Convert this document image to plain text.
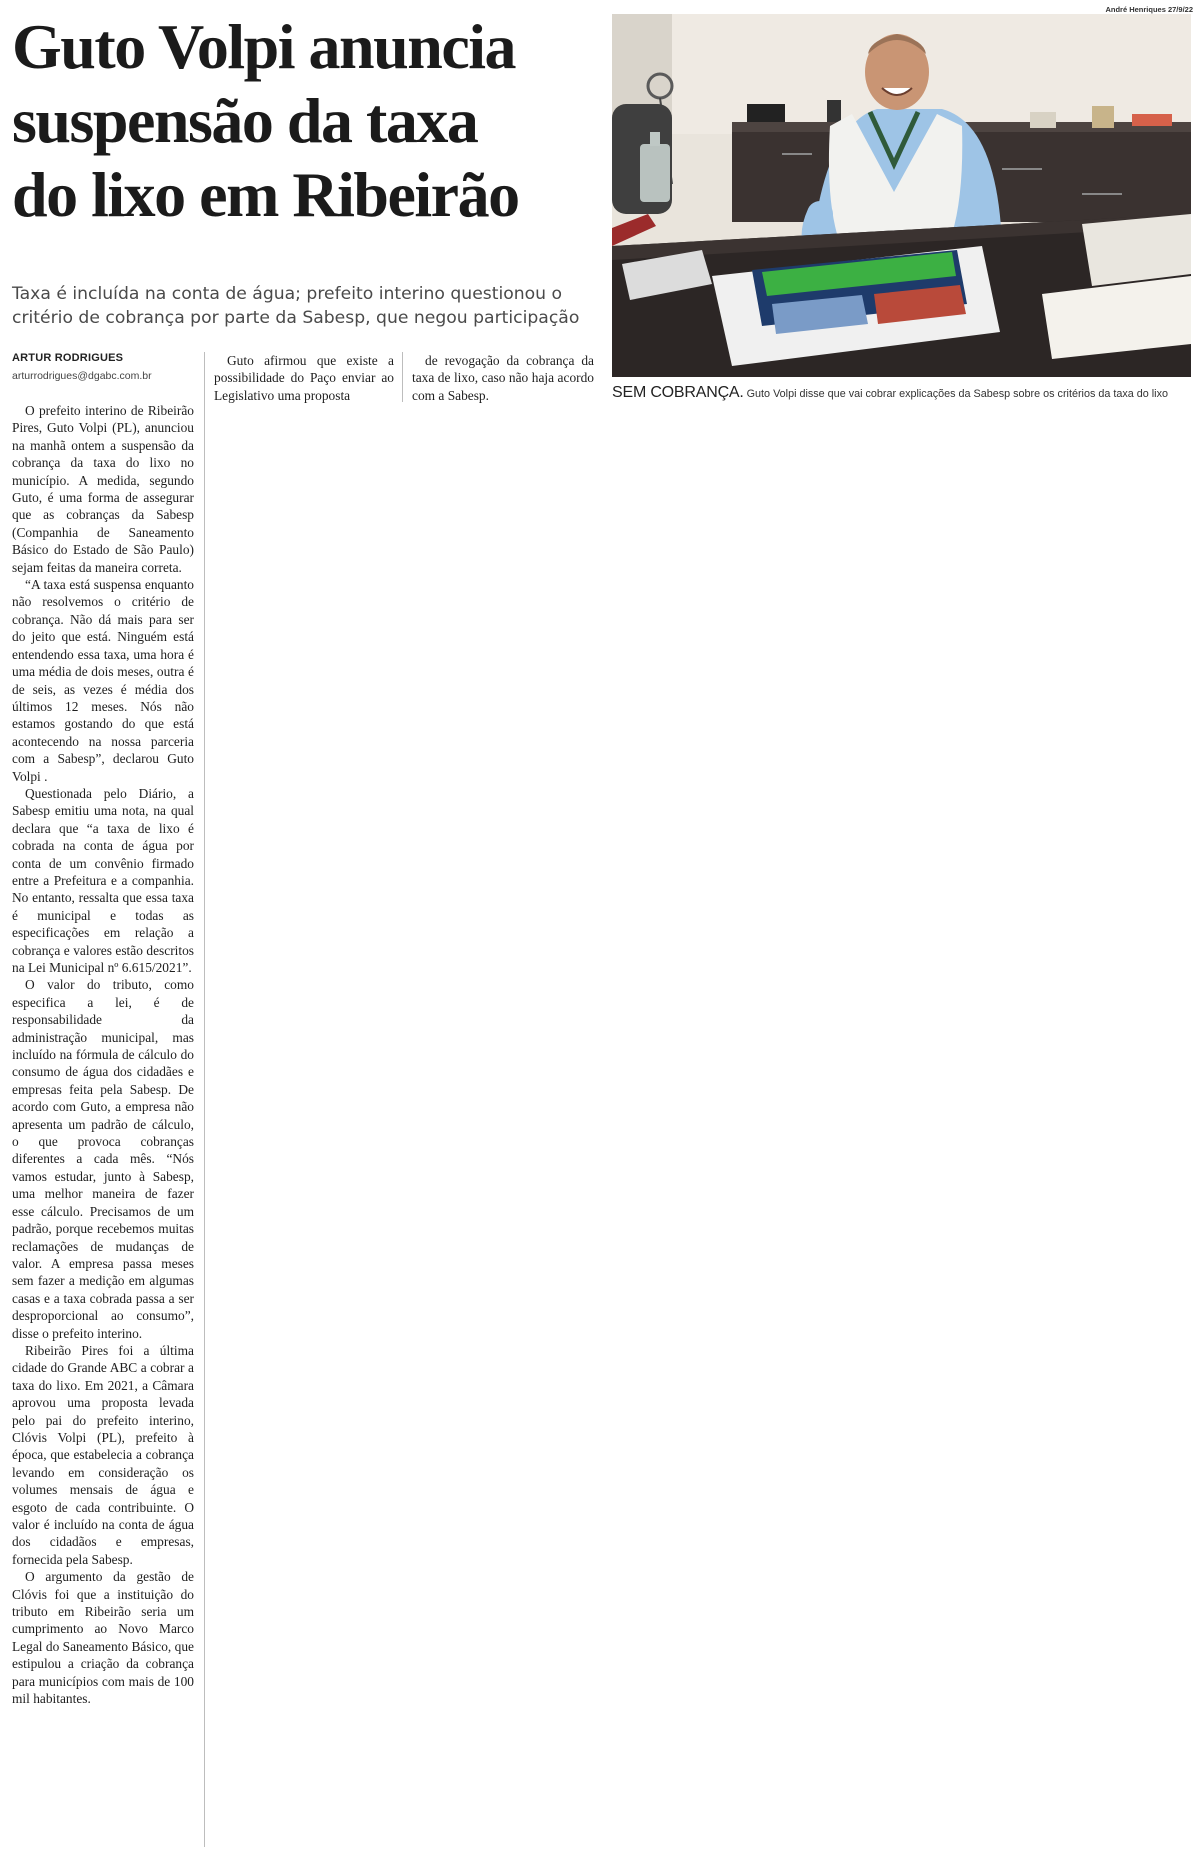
Guto Volpi anuncia
suspensão da taxa
do lixo em Ribeirão

Taxa é incluída na conta de água; prefeito interino questionou o critério de cobrança por parte da Sabesp, que negou participação

ARTUR RODRIGUES
arturrodrigues@dgabc.com.br

O prefeito interino de Ribeirão Pires, Guto Volpi (PL), anunciou na manhã ontem a suspensão da cobrança da taxa do lixo no município. A medida, segundo Guto, é uma forma de assegurar que as cobranças da Sabesp (Companhia de Saneamento Básico do Estado de São Paulo) sejam feitas da maneira correta.

“A taxa está suspensa enquanto não resolvemos o critério de cobrança. Não dá mais para ser do jeito que está. Ninguém está entendendo essa taxa, uma hora é uma média de dois meses, outra é de seis, as vezes é média dos últimos 12 meses. Nós não estamos gostando do que está acontecendo na nossa parceria com a Sabesp”, declarou Guto Volpi .

Questionada pelo Diário, a Sabesp emitiu uma nota, na qual declara que “a taxa de lixo é cobrada na conta de água por conta de um convênio firmado entre a Prefeitura e a companhia. No entanto, ressalta que essa taxa é municipal e todas as especificações em relação a cobrança e valores estão descritos na Lei Municipal nº 6.615/2021”.

O valor do tributo, como especifica a lei, é de responsabilidade da administração municipal, mas incluído na fórmula de cálculo do consumo de água dos cidadães e empresas feita pela Sabesp. De acordo com Guto, a empresa não apresenta um padrão de cálculo, o que provoca cobranças diferentes a cada mês. “Nós vamos estudar, junto à Sabesp, uma melhor maneira de fazer esse cálculo. Precisamos de um padrão, porque recebemos muitas reclamações de mudanças de valor. A empresa passa meses sem fazer a medição em algumas casas e a taxa cobrada passa a ser desproporcional ao consumo”, disse o prefeito interino.

Ribeirão Pires foi a última cidade do Grande ABC a cobrar a taxa do lixo. Em 2021, a Câmara aprovou uma proposta levada pelo pai do prefeito interino, Clóvis Volpi (PL), prefeito à época, que estabelecia a cobrança levando em consideração os volumes mensais de água e esgoto de cada contribuinte. O valor é incluído na conta de água dos cidadãos e empresas, fornecida pela Sabesp.

O argumento da gestão de Clóvis foi que a instituição do tributo em Ribeirão seria um cumprimento ao Novo Marco Legal do Saneamento Básico, que estipulou a criação da cobrança para municípios com mais de 100 mil habitantes.

Guto afirmou que existe a possibilidade do Paço enviar ao Legislativo uma proposta

de revogação da cobrança da taxa de lixo, caso não haja acordo com a Sabesp.

André Henriques 27/9/22
SEM COBRANÇA. Guto Volpi disse que vai cobrar explicações da Sabesp sobre os critérios da taxa do lixo
